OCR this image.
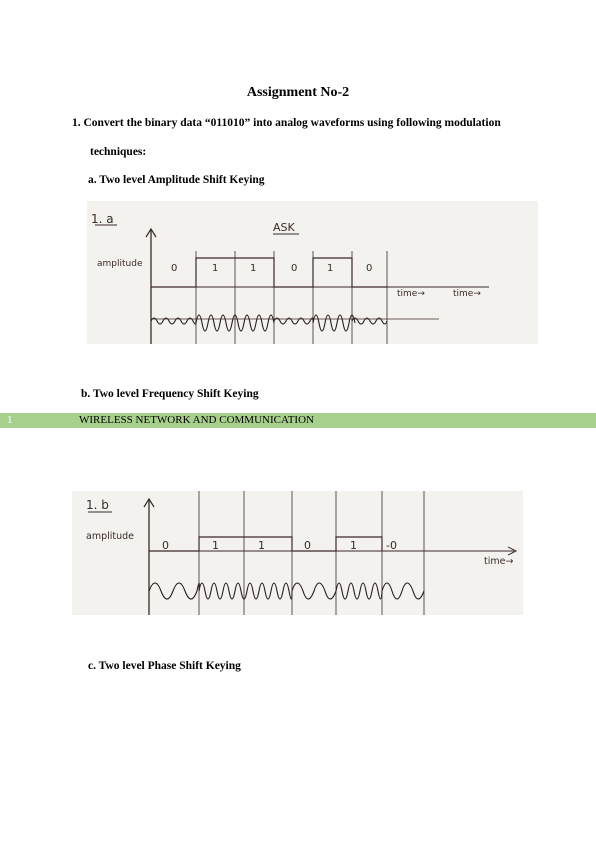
Assignment No-2
1. Convert the binary data “011010” into analog waveforms using following modulation
techniques:
a. Two level Amplitude Shift Keying
1. a
ASK
amplitude
time→	time→
0	1	1	0	1	0
b. Two level Frequency Shift Keying
1	WIRELESS NETWORK AND COMMUNICATION
1. b
amplitude
time→
0	1	1	0	1	-0
c. Two level Phase Shift Keying
